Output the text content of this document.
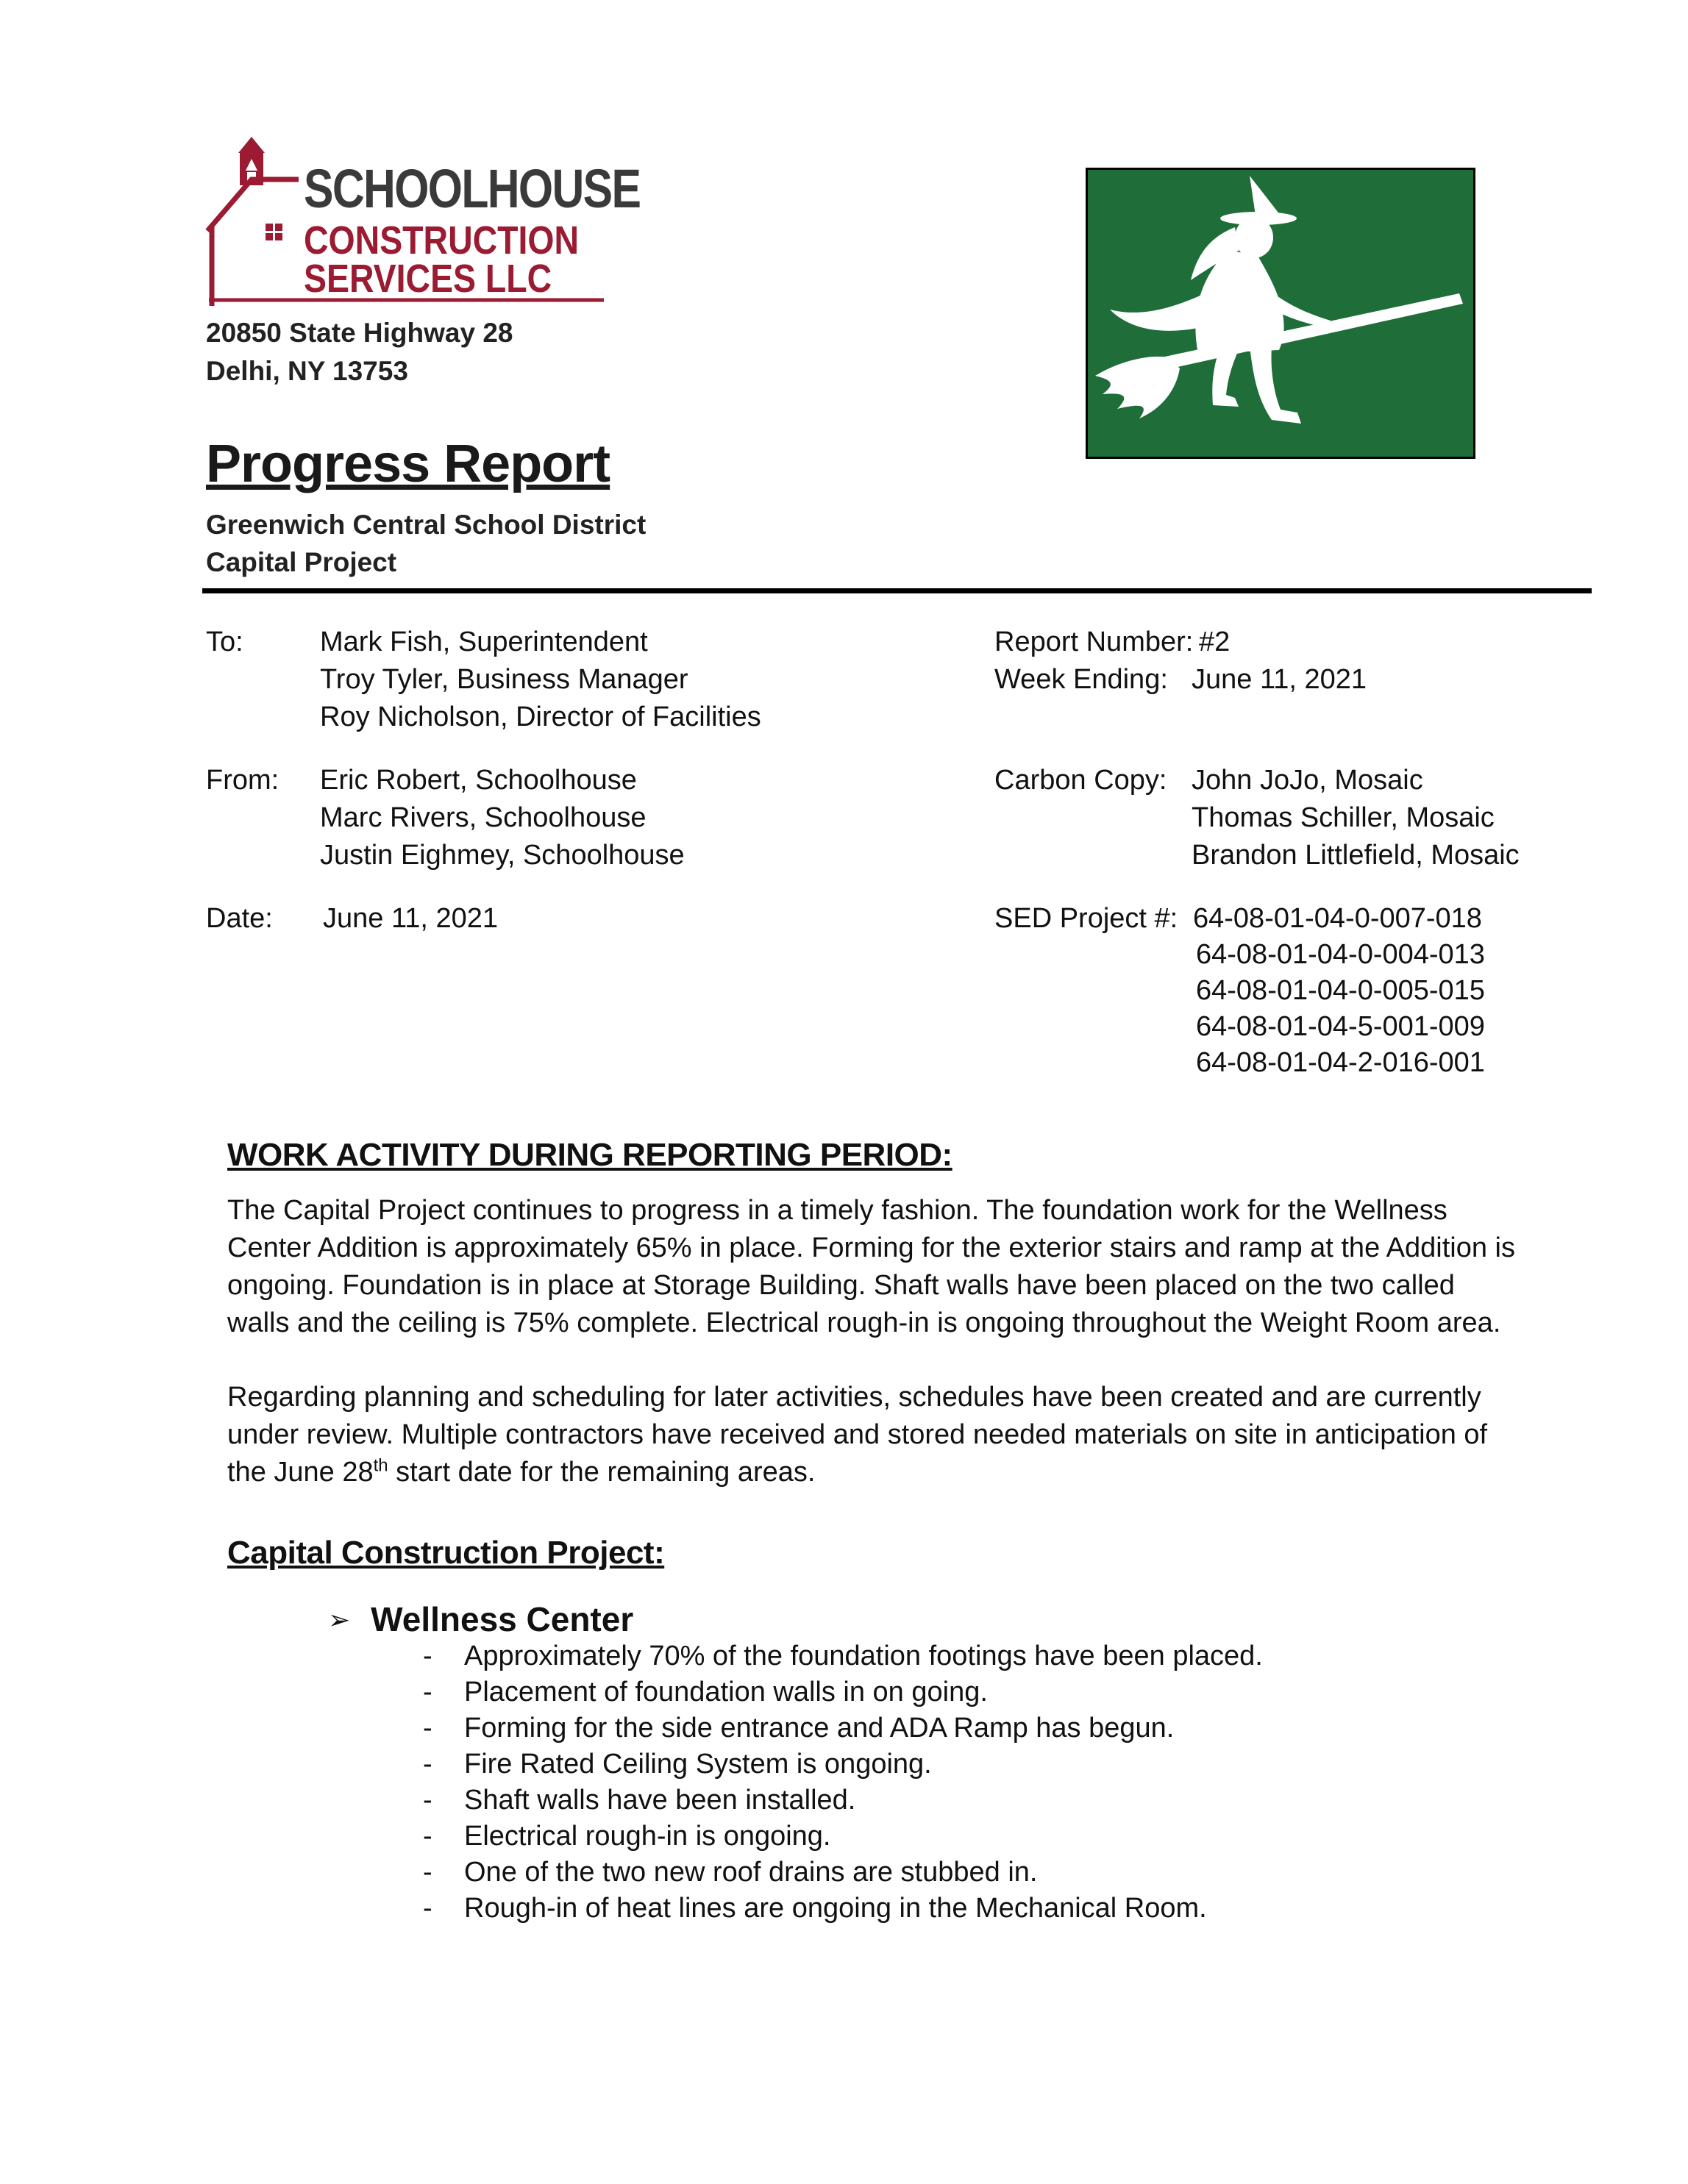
SCHOOLHOUSE
CONSTRUCTION
SERVICES LLC
20850 State Highway 28
Delhi, NY 13753
Progress Report
Greenwich Central School District
Capital Project
To:	Mark Fish, Superintendent
Troy Tyler, Business Manager
Roy Nicholson, Director of Facilities
From: Eric Robert, Schoolhouse
Marc Rivers, Schoolhouse
Justin Eighmey, Schoolhouse
Date: June 11, 2021
Report Number: #2
Week Ending: June 11, 2021
Carbon Copy: John JoJo, Mosaic
Thomas Schiller, Mosaic
Brandon Littlefield, Mosaic
SED Project #: 64-08-01-04-0-007-018
64-08-01-04-0-004-013
64-08-01-04-0-005-015
64-08-01-04-5-001-009
64-08-01-04-2-016-001
WORK ACTIVITY DURING REPORTING PERIOD:

The Capital Project continues to progress in a timely fashion. The foundation work for the Wellness Center Addition is approximately 65% in place. Forming for the exterior stairs and ramp at the Addition is ongoing. Foundation is in place at Storage Building. Shaft walls have been placed on the two called walls and the ceiling is 75% complete. Electrical rough-in is ongoing throughout the Weight Room area.

Regarding planning and scheduling for later activities, schedules have been created and are currently under review. Multiple contractors have received and stored needed materials on site in anticipation of the June 28th start date for the remaining areas.

Capital Construction Project:
➢ Wellness Center
- Approximately 70% of the foundation footings have been placed.
- Placement of foundation walls in on going.
- Forming for the side entrance and ADA Ramp has begun.
- Fire Rated Ceiling System is ongoing.
- Shaft walls have been installed.
- Electrical rough-in is ongoing.
- One of the two new roof drains are stubbed in.
- Rough-in of heat lines are ongoing in the Mechanical Room.
